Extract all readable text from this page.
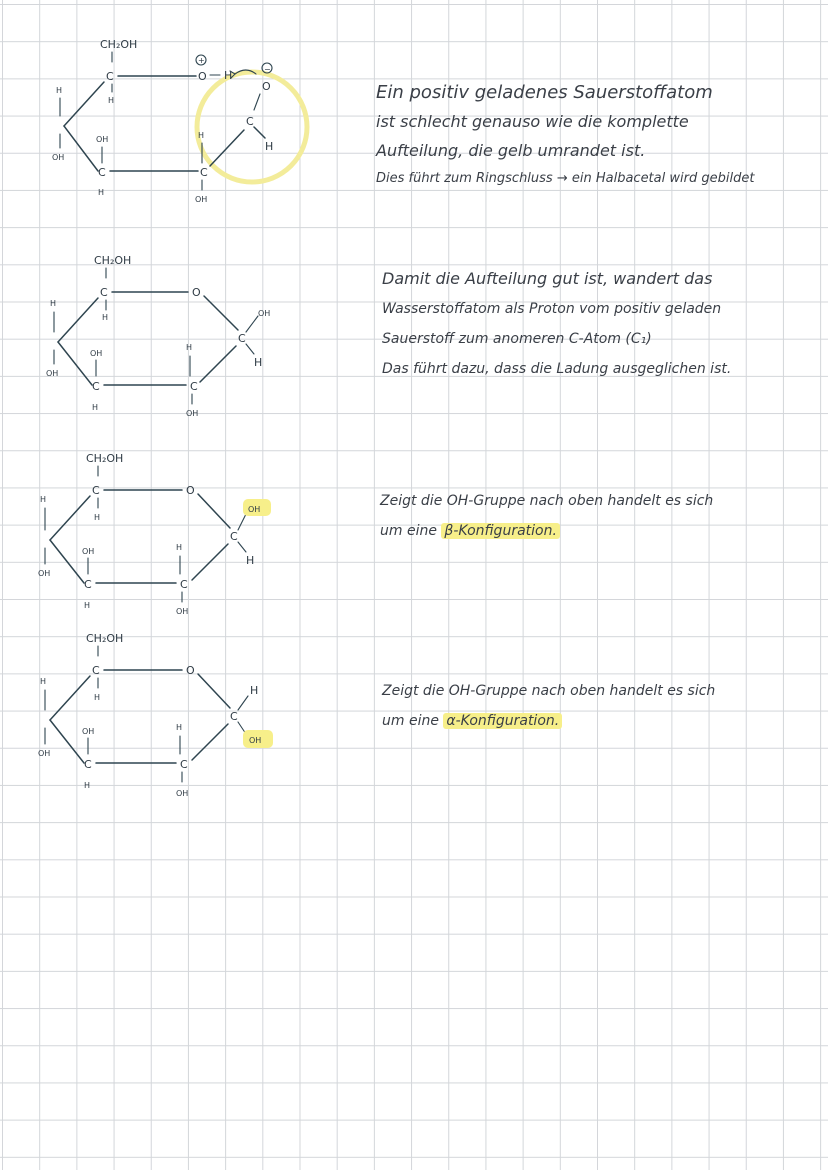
CH₂OH
C
H
O
+
H
O
−
C
H
C
H
OH
C
OH
H
H
OH
CH₂OH
C
H
O
C
OH
H
C
H
OH
C
OH
H
H
OH
CH₂OH
C
H
O
C
OH
H
C
H
OH
C
OH
H
H
OH
CH₂OH
C
H
O
C
H
OH
C
H
OH
C
OH
H
H
OH
Ein positiv geladenes Sauerstoffatom
ist schlecht genauso wie die komplette
Aufteilung, die gelb umrandet ist.
Dies führt zum Ringschluss → ein Halbacetal wird gebildet
Damit die Aufteilung gut ist, wandert das
Wasserstoffatom als Proton vom positiv geladen
Sauerstoff zum anomeren C-Atom (C₁)
Das führt dazu, dass die Ladung ausgeglichen ist.
Zeigt die OH-Gruppe nach oben handelt es sich
um eine β-Konfiguration.
Zeigt die OH-Gruppe nach oben handelt es sich
um eine α-Konfiguration.
